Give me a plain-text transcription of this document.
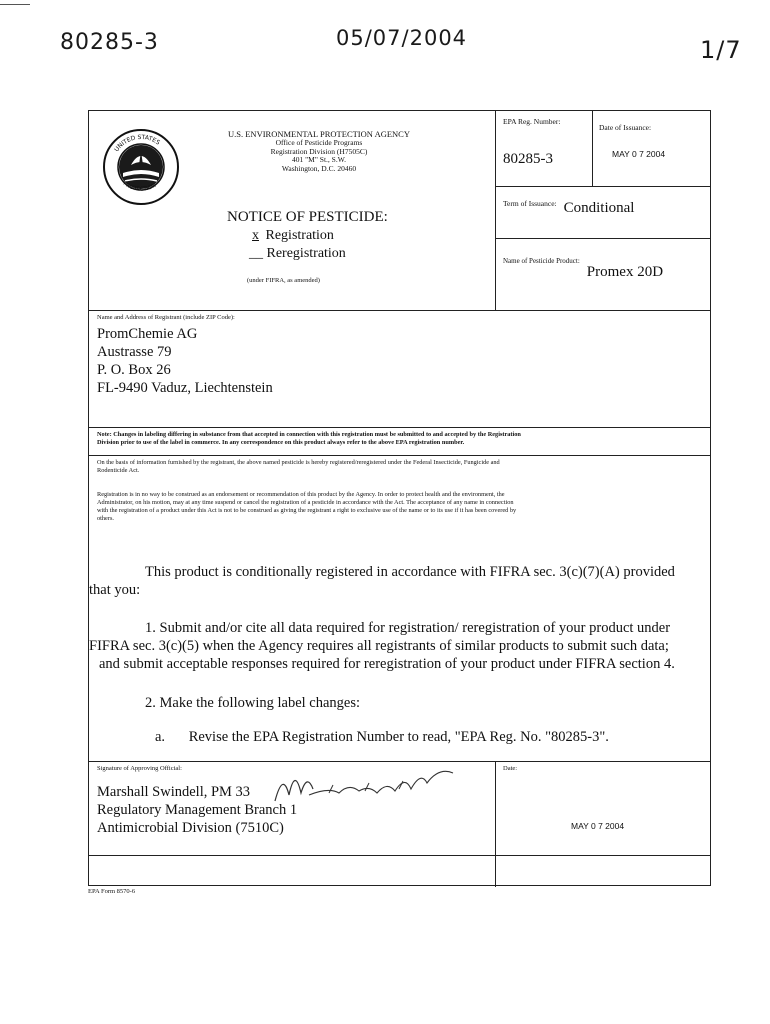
80285-3	05/07/2004	1/7
UNITED STATES
PROTECTION
U.S. ENVIRONMENTAL PROTECTION AGENCY
Office of Pesticide Programs
Registration Division (H7505C)
401 "M" St., S.W.
Washington, D.C. 20460
NOTICE OF PESTICIDE:
x Registration
__ Reregistration
(under FIFRA, as amended)
EPA Reg. Number:
80285-3
Date of Issuance:
MAY 0 7 2004
$^{Term of Issuance:}$ Conditional
$^{Name of Pesticide Product:}$ Promex 20D
Name and Address of Registrant (include ZIP Code):
PromChemie AG
Austrasse 79
P. O. Box 26
FL-9490 Vaduz, Liechtenstein
Note: Changes in labeling differing in substance from that accepted in connection with this registration must be submitted to and accepted by the Registration
Division prior to use of the label in commerce. In any correspondence on this product always refer to the above EPA registration number.
On the basis of information furnished by the registrant, the above named pesticide is hereby registered/reregistered under the Federal Insecticide, Fungicide and
Rodenticide Act.
Registration is in no way to be construed as an endorsement or recommendation of this product by the Agency. In order to protect health and the environment, the
Administrator, on his motion, may at any time suspend or cancel the registration of a pesticide in accordance with the Act. The acceptance of any name in connection
with the registration of a product under this Act is not to be construed as giving the registrant a right to exclusive use of the name or to its use if it has been covered by
others.
This product is conditionally registered in accordance with FIFRA sec. 3(c)(7)(A) provided
that you:
1. Submit and/or cite all data required for registration/ reregistration of your product under
FIFRA sec. 3(c)(5) when the Agency requires all registrants of similar products to submit such data;
and submit acceptable responses required for reregistration of your product under FIFRA section 4.
2. Make the following label changes:
a. Revise the EPA Registration Number to read, "EPA Reg. No. "80285-3".
Signature of Approving Official:
Marshall Swindell, PM 33
Regulatory Management Branch 1
Antimicrobial Division (7510C)
Date:
MAY 0 7 2004
EPA Form 8570-6
